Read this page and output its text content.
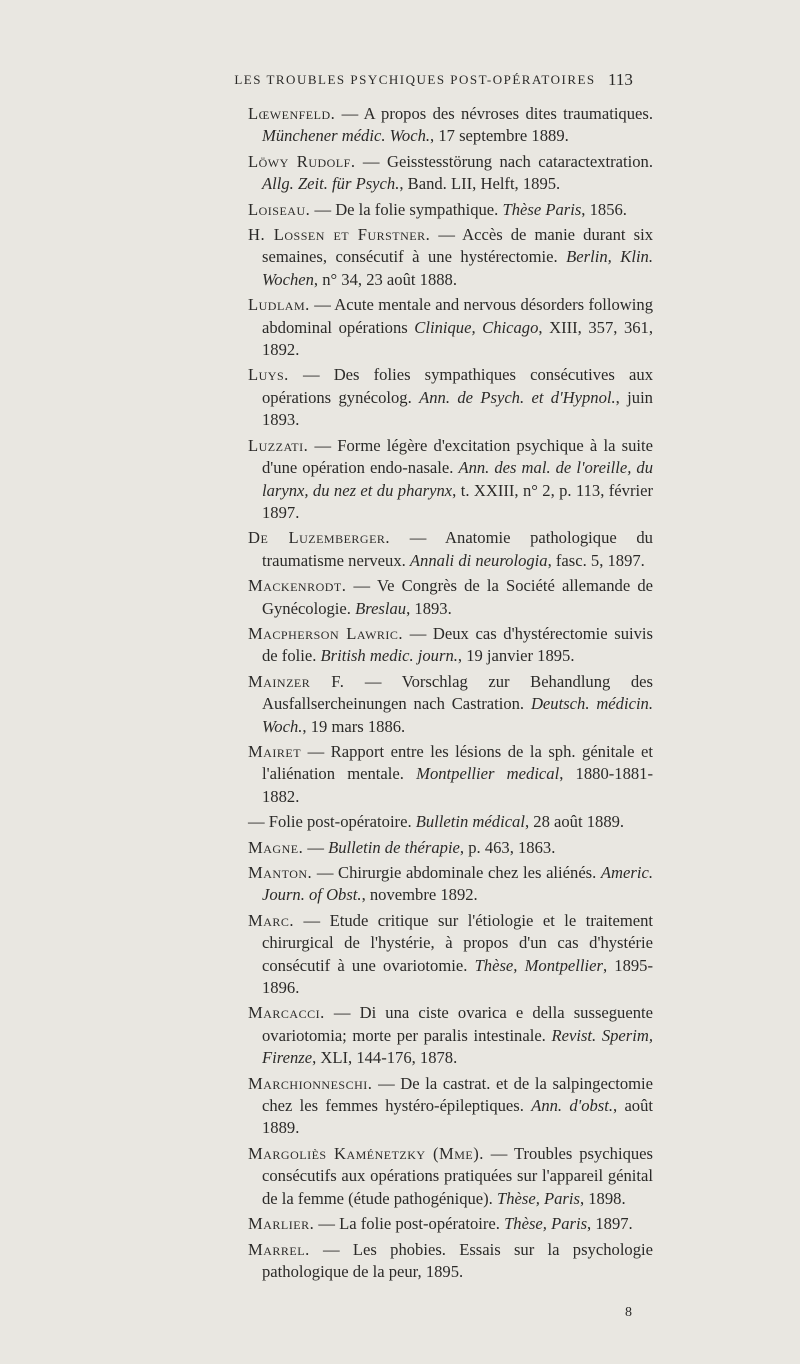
LES TROUBLES PSYCHIQUES POST-OPÉRATOIRES 113

Lœwenfeld. — A propos des névroses dites traumatiques. Münchener médic. Woch., 17 septembre 1889.

Löwy Rudolf. — Geisstesstörung nach cataractextration. Allg. Zeit. für Psych., Band. LII, Helft, 1895.

Loiseau. — De la folie sympathique. Thèse Paris, 1856.

H. Lossen et Furstner. — Accès de manie durant six semaines, consécutif à une hystérectomie. Berlin, Klin. Wochen, n° 34, 23 août 1888.

Ludlam. — Acute mentale and nervous désorders following abdominal opérations Clinique, Chicago, XIII, 357, 361, 1892.

Luys. — Des folies sympathiques consécutives aux opérations gynécolog. Ann. de Psych. et d'Hypnol., juin 1893.

Luzzati. — Forme légère d'excitation psychique à la suite d'une opération endo-nasale. Ann. des mal. de l'oreille, du larynx, du nez et du pharynx, t. XXIII, n° 2, p. 113, février 1897.

De Luzemberger. — Anatomie pathologique du traumatisme nerveux. Annali di neurologia, fasc. 5, 1897.

Mackenrodt. — Ve Congrès de la Société allemande de Gynécologie. Breslau, 1893.

Macpherson Lawric. — Deux cas d'hystérectomie suivis de folie. British medic. journ., 19 janvier 1895.

Mainzer F. — Vorschlag zur Behandlung des Ausfallsercheinungen nach Castration. Deutsch. médicin. Woch., 19 mars 1886.

Mairet — Rapport entre les lésions de la sph. génitale et l'aliénation mentale. Montpellier medical, 1880-1881-1882.

— Folie post-opératoire. Bulletin médical, 28 août 1889.

Magne. — Bulletin de thérapie, p. 463, 1863.

Manton. — Chirurgie abdominale chez les aliénés. Americ. Journ. of Obst., novembre 1892.

Marc. — Etude critique sur l'étiologie et le traitement chirurgical de l'hystérie, à propos d'un cas d'hystérie consécutif à une ovariotomie. Thèse, Montpellier, 1895-1896.

Marcacci. — Di una ciste ovarica e della susseguente ovariotomia; morte per paralis intestinale. Revist. Sperim, Firenze, XLI, 144-176, 1878.

Marchionneschi. — De la castrat. et de la salpingectomie chez les femmes hystéro-épileptiques. Ann. d'obst., août 1889.

Margoliès Kaménetzky (Mme). — Troubles psychiques consécutifs aux opérations pratiquées sur l'appareil génital de la femme (étude pathogénique). Thèse, Paris, 1898.

Marlier. — La folie post-opératoire. Thèse, Paris, 1897.

Marrel. — Les phobies. Essais sur la psychologie pathologique de la peur, 1895.

8
